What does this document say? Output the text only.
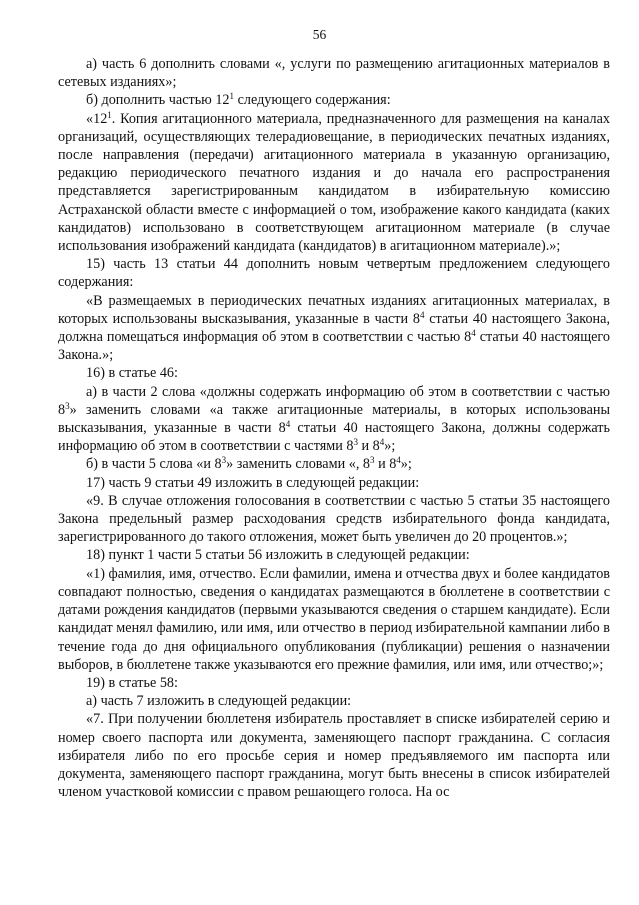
56

а) часть 6 дополнить словами «, услуги по размещению агитационных материалов в сетевых изданиях»;

б) дополнить частью $12^1$ следующего содержания:

«$12^1$. Копия агитационного материала, предназначенного для размещения на каналах организаций, осуществляющих телерадиовещание, в периодических печатных изданиях, после направления (передачи) агитационного материала в указанную организацию, редакцию периодического печатного издания и до начала его распространения представляется зарегистрированным кандидатом в избирательную комиссию Астраханской области вместе с информацией о том, изображение какого кандидата (каких кандидатов) использовано в соответствующем агитационном материале (в случае использования изображений кандидата (кандидатов) в агитационном материале).»;

15) часть 13 статьи 44 дополнить новым четвертым предложением следующего содержания:

«В размещаемых в периодических печатных изданиях агитационных материалах, в которых использованы высказывания, указанные в части $8^4$ статьи 40 настоящего Закона, должна помещаться информация об этом в соответствии с частью $8^4$ статьи 40 настоящего Закона.»;

16) в статье 46:

а) в части 2 слова «должны содержать информацию об этом в соответствии с частью $8^3$» заменить словами «а также агитационные материалы, в которых использованы высказывания, указанные в части $8^4$ статьи 40 настоящего Закона, должны содержать информацию об этом в соответствии с частями $8^3$ и $8^4$»;

б) в части 5 слова «и $8^3$» заменить словами «, $8^3$ и $8^4$»;

17) часть 9 статьи 49 изложить в следующей редакции:

«9. В случае отложения голосования в соответствии с частью 5 статьи 35 настоящего Закона предельный размер расходования средств избирательного фонда кандидата, зарегистрированного до такого отложения, может быть увеличен до 20 процентов.»;

18) пункт 1 части 5 статьи 56 изложить в следующей редакции:

«1) фамилия, имя, отчество. Если фамилии, имена и отчества двух и более кандидатов совпадают полностью, сведения о кандидатах размещаются в бюллетене в соответствии с датами рождения кандидатов (первыми указываются сведения о старшем кандидате). Если кандидат менял фамилию, или имя, или отчество в период избирательной кампании либо в течение года до дня официального опубликования (публикации) решения о назначении выборов, в бюллетене также указываются его прежние фамилия, или имя, или отчество;»;

19) в статье 58:

а) часть 7 изложить в следующей редакции:

«7. При получении бюллетеня избиратель проставляет в списке избирателей серию и номер своего паспорта или документа, заменяющего паспорт гражданина. С согласия избирателя либо по его просьбе серия и номер предъявляемого им паспорта или документа, заменяющего паспорт гражданина, могут быть внесены в список избирателей членом участковой комиссии с правом решающего голоса. На ос
